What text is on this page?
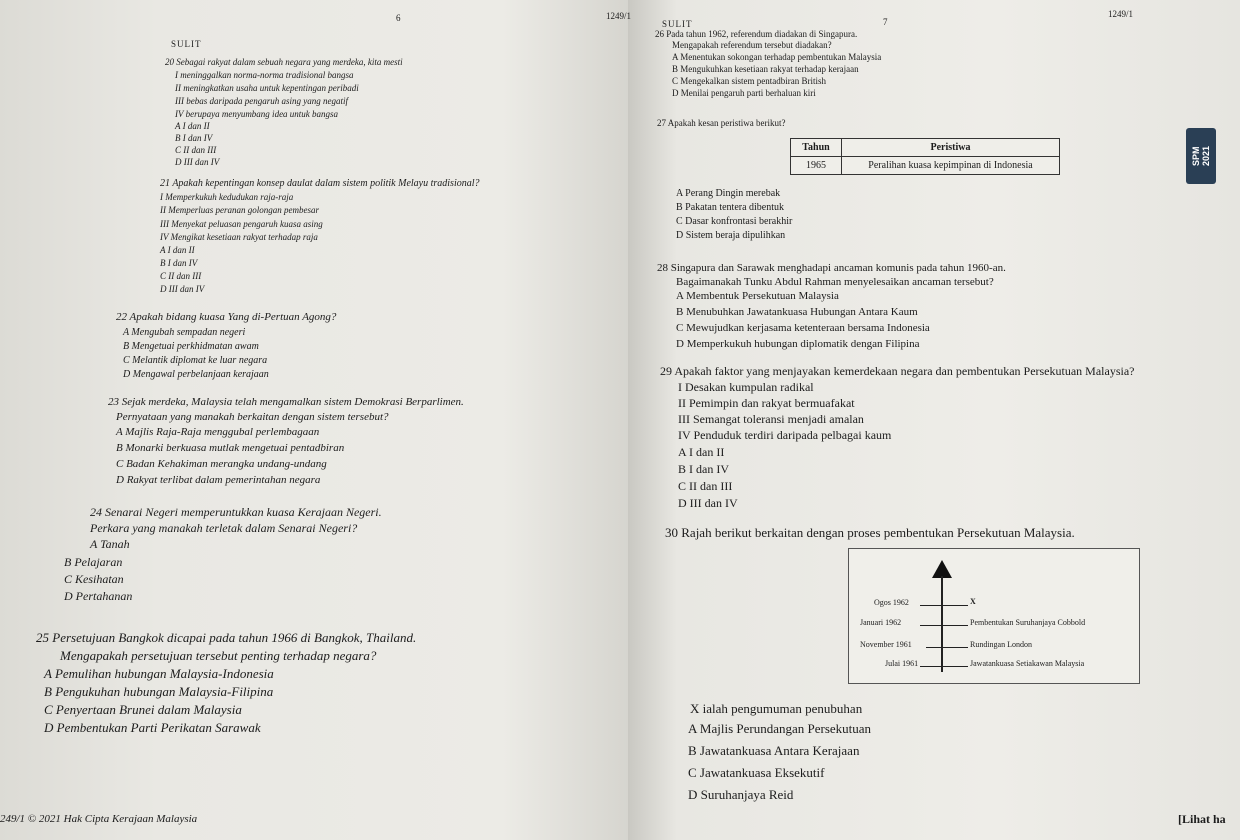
6	1249/1
SULIT
SULIT	7
1249/1
SPM 2021
20 Sebagai rakyat dalam sebuah negara yang merdeka, kita mesti
I meninggalkan norma-norma tradisional bangsa
II meningkatkan usaha untuk kepentingan peribadi
III bebas daripada pengaruh asing yang negatif
IV berupaya menyumbang idea untuk bangsa
A I dan II
B I dan IV
C II dan III
D III dan IV
21 Apakah kepentingan konsep daulat dalam sistem politik Melayu tradisional?
I Memperkukuh kedudukan raja-raja
II Memperluas peranan golongan pembesar
III Menyekat peluasan pengaruh kuasa asing
IV Mengikat kesetiaan rakyat terhadap raja
A I dan II
B I dan IV
C II dan III
D III dan IV
22 Apakah bidang kuasa Yang di-Pertuan Agong?
A Mengubah sempadan negeri
B Mengetuai perkhidmatan awam
C Melantik diplomat ke luar negara
D Mengawal perbelanjaan kerajaan
23 Sejak merdeka, Malaysia telah mengamalkan sistem Demokrasi Berparlimen.
Pernyataan yang manakah berkaitan dengan sistem tersebut?
A Majlis Raja-Raja menggubal perlembagaan
B Monarki berkuasa mutlak mengetuai pentadbiran
C Badan Kehakiman merangka undang-undang
D Rakyat terlibat dalam pemerintahan negara
24 Senarai Negeri memperuntukkan kuasa Kerajaan Negeri.
Perkara yang manakah terletak dalam Senarai Negeri?
A Tanah
B Pelajaran
C Kesihatan
D Pertahanan
25 Persetujuan Bangkok dicapai pada tahun 1966 di Bangkok, Thailand.
Mengapakah persetujuan tersebut penting terhadap negara?
A Pemulihan hubungan Malaysia-Indonesia
B Pengukuhan hubungan Malaysia-Filipina
C Penyertaan Brunei dalam Malaysia
D Pembentukan Parti Perikatan Sarawak
249/1 © 2021 Hak Cipta Kerajaan Malaysia
26 Pada tahun 1962, referendum diadakan di Singapura.
Mengapakah referendum tersebut diadakan?
A Menentukan sokongan terhadap pembentukan Malaysia
B Mengukuhkan kesetiaan rakyat terhadap kerajaan
C Mengekalkan sistem pentadbiran British
D Menilai pengaruh parti berhaluan kiri
27 Apakah kesan peristiwa berikut?
Tahun	Peristiwa
1965	Peralihan kuasa kepimpinan di Indonesia
A Perang Dingin merebak
B Pakatan tentera dibentuk
C Dasar konfrontasi berakhir
D Sistem beraja dipulihkan
28 Singapura dan Sarawak menghadapi ancaman komunis pada tahun 1960-an.
Bagaimanakah Tunku Abdul Rahman menyelesaikan ancaman tersebut?
A Membentuk Persekutuan Malaysia
B Menubuhkan Jawatankuasa Hubungan Antara Kaum
C Mewujudkan kerjasama ketenteraan bersama Indonesia
D Memperkukuh hubungan diplomatik dengan Filipina
29 Apakah faktor yang menjayakan kemerdekaan negara dan pembentukan Persekutuan Malaysia?
I Desakan kumpulan radikal
II Pemimpin dan rakyat bermuafakat
III Semangat toleransi menjadi amalan
IV Penduduk terdiri daripada pelbagai kaum
A I dan II
B I dan IV
C II dan III
D III dan IV
30 Rajah berikut berkaitan dengan proses pembentukan Persekutuan Malaysia.
Ogos 1962	X
Januari 1962	Pembentukan Suruhanjaya Cobbold
November 1961	Rundingan London
Julai 1961	Jawatankuasa Setiakawan Malaysia
X ialah pengumuman penubuhan
A Majlis Perundangan Persekutuan
B Jawatankuasa Antara Kerajaan
C Jawatankuasa Eksekutif
D Suruhanjaya Reid
[Lihat ha
